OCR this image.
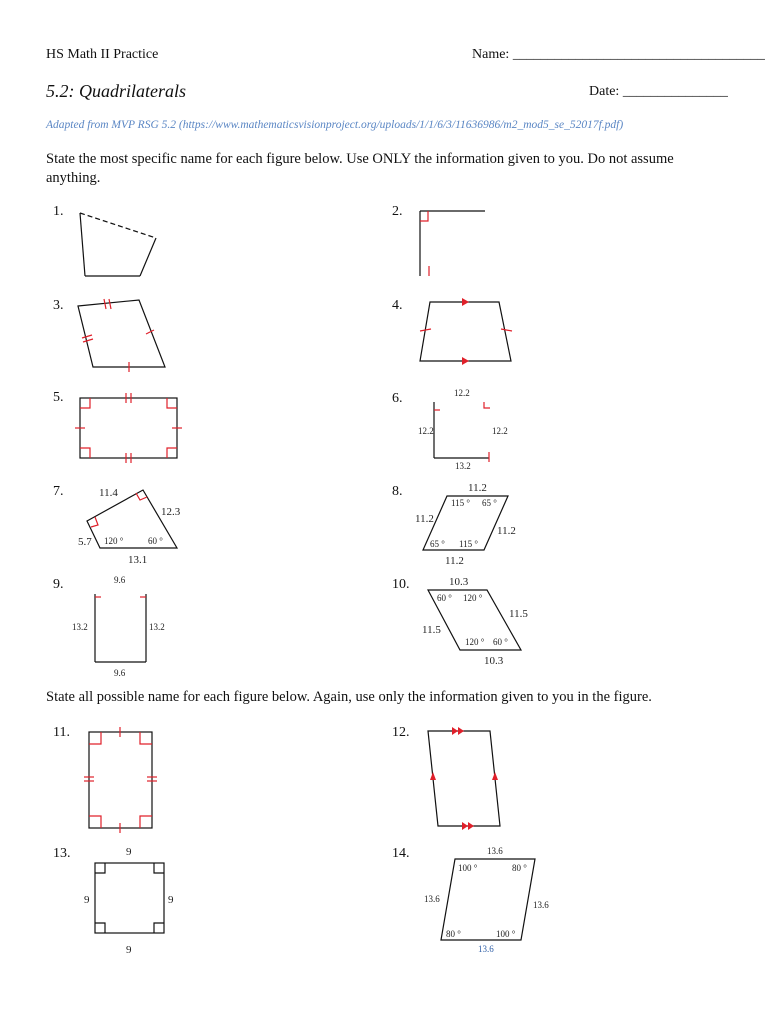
HS Math II Practice	Name: ____________________________________
5.2: Quadrilaterals	Date: _______________
Adapted from MVP RSG 5.2 (https://www.mathematicsvisionproject.org/uploads/1/1/6/3/11636986/m2_mod5_se_52017f.pdf)
State the most specific name for each figure below. Use ONLY the information given to you. Do not assume anything.
State all possible name for each figure below. Again, use only the information given to you in the figure.
1.	2.
3.	4.
5.	6.
7.	8.
9.	10.
11.	12.
13.	14.
12.2
12.2	12.2
13.2
11.4
12.3
5.7
13.1
120 °	60 °
11.2
11.2
11.2
11.2
115 ° 65 °
65 ° 115 °
9.6
13.2	13.2
9.6
10.3
11.5
11.5
10.3
60 ° 120 °
120 ° 60 °
9
9	9
9
13.6
13.6
13.6
13.6
100 °	80 °
80 °	100 °
